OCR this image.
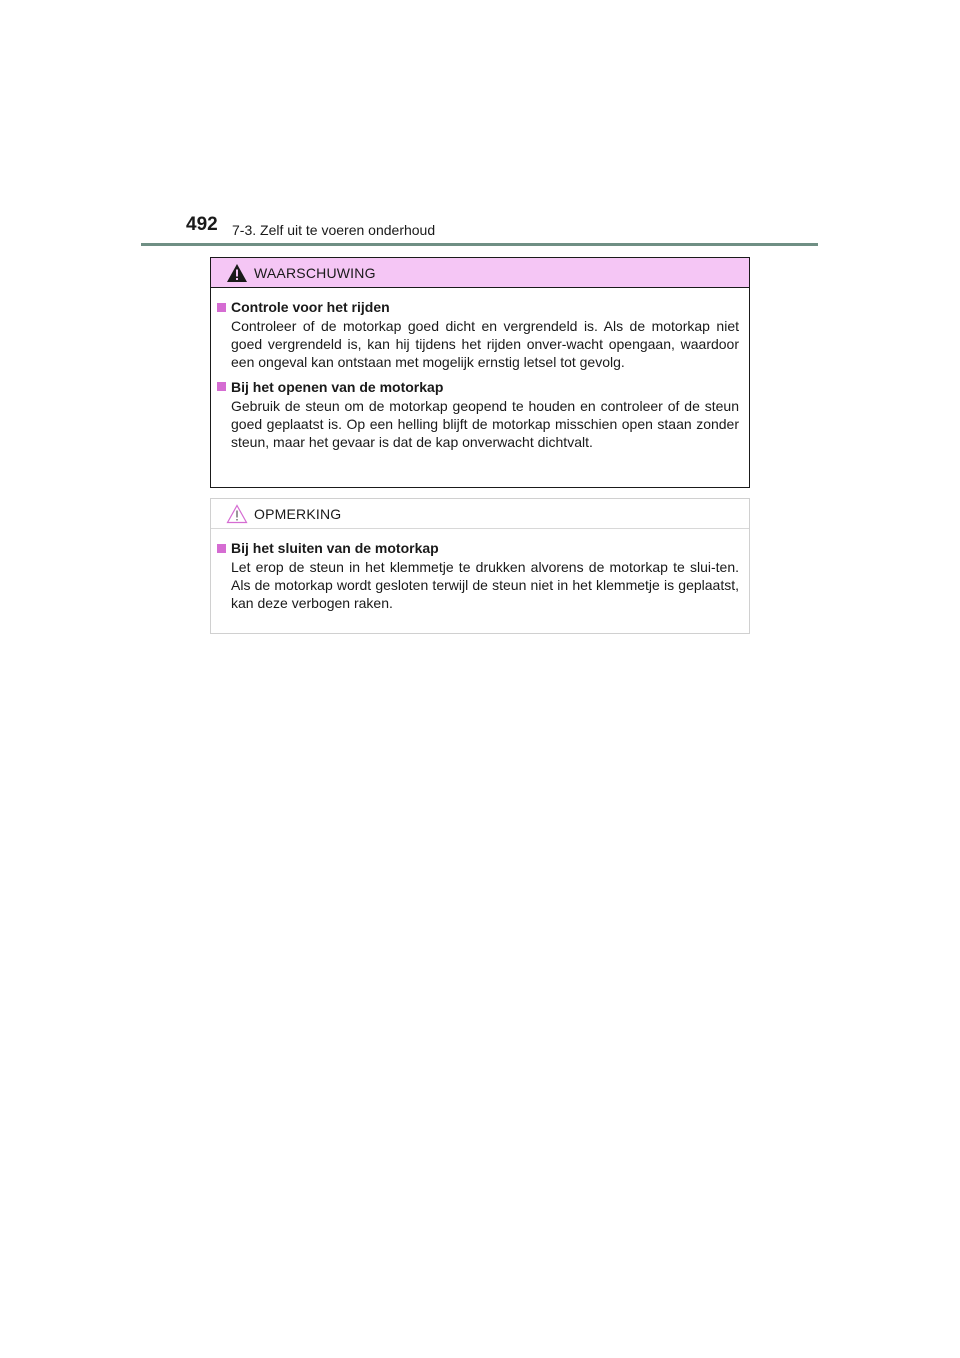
492 7-3. Zelf uit te voeren onderhoud
WAARSCHUWING
Controle voor het rijden
Controleer of de motorkap goed dicht en vergrendeld is. Als de motorkap niet goed vergrendeld is, kan hij tijdens het rijden onver-wacht opengaan, waardoor een ongeval kan ontstaan met mogelijk ernstig letsel tot gevolg.
Bij het openen van de motorkap
Gebruik de steun om de motorkap geopend te houden en controleer of de steun goed geplaatst is. Op een helling blijft de motorkap misschien open staan zonder steun, maar het gevaar is dat de kap onverwacht dichtvalt.
OPMERKING
Bij het sluiten van de motorkap
Let erop de steun in het klemmetje te drukken alvorens de motorkap te slui-ten. Als de motorkap wordt gesloten terwijl de steun niet in het klemmetje is geplaatst, kan deze verbogen raken.
